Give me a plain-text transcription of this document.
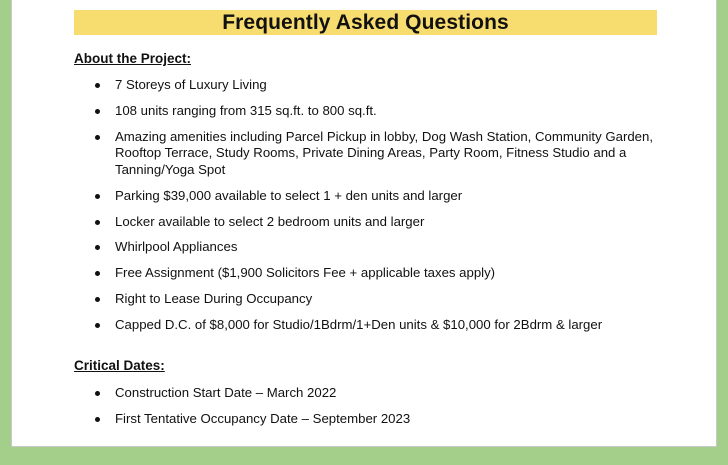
Frequently Asked Questions
About the Project:
7 Storeys of Luxury Living
108 units ranging from 315 sq.ft. to 800 sq.ft.
Amazing amenities including Parcel Pickup in lobby, Dog Wash Station, Community Garden, Rooftop Terrace, Study Rooms, Private Dining Areas, Party Room, Fitness Studio and a Tanning/Yoga Spot
Parking $39,000 available to select 1 + den units and larger
Locker available to select 2 bedroom units and larger
Whirlpool Appliances
Free Assignment ($1,900 Solicitors Fee + applicable taxes apply)
Right to Lease During Occupancy
Capped D.C. of $8,000 for Studio/1Bdrm/1+Den units & $10,000 for 2Bdrm & larger
Critical Dates:
Construction Start Date – March 2022
First Tentative Occupancy Date – September 2023
